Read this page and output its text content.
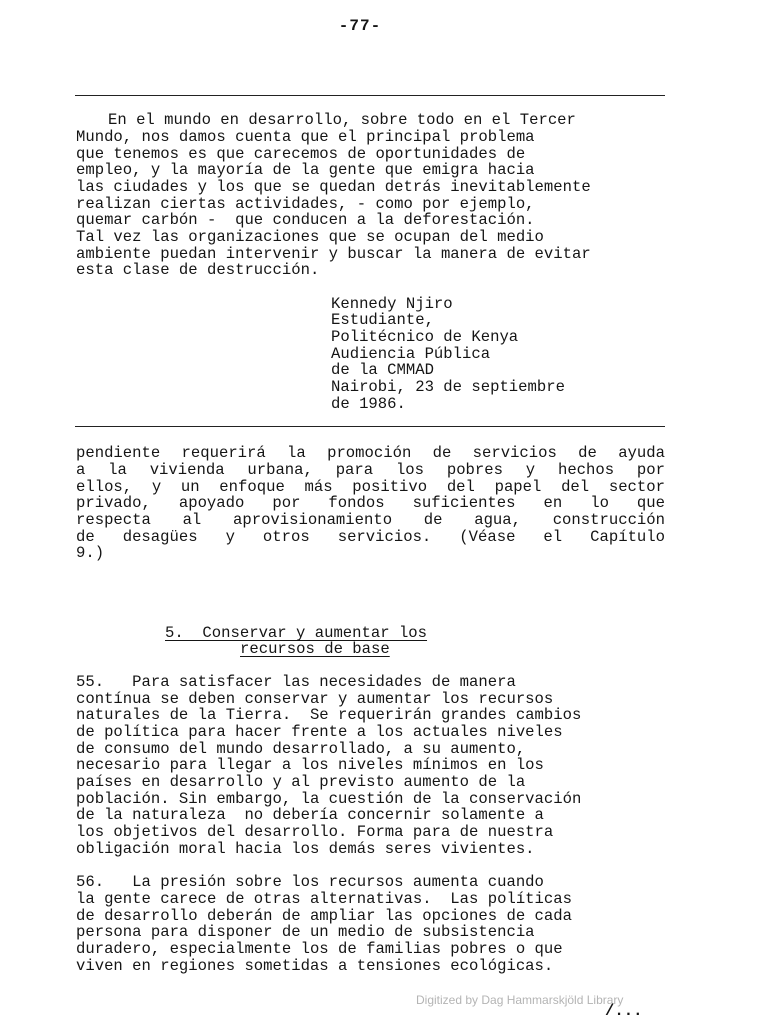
-77-
En el mundo en desarrollo, sobre todo en el Tercer
Mundo, nos damos cuenta que el principal problema
que tenemos es que carecemos de oportunidades de
empleo, y la mayoría de la gente que emigra hacia
las ciudades y los que se quedan detrás inevitablemente
realizan ciertas actividades, - como por ejemplo,
quemar carbón -  que conducen a la deforestación.
Tal vez las organizaciones que se ocupan del medio
ambiente puedan intervenir y buscar la manera de evitar
esta clase de destrucción.
Kennedy Njiro
Estudiante,
Politécnico de Kenya
Audiencia Pública
de la CMMAD
Nairobi, 23 de septiembre
de 1986.
pendiente requerirá la promoción de servicios de ayuda
a la vivienda urbana, para los pobres y hechos por
ellos, y un enfoque más positivo del papel del sector
privado, apoyado por fondos suficientes en lo que
respecta al aprovisionamiento de agua, construcción
de desagües y otros servicios. (Véase el Capítulo
9.)
5.  Conservar y aumentar los
recursos de base
55.   Para satisfacer las necesidades de manera
contínua se deben conservar y aumentar los recursos
naturales de la Tierra.  Se requerirán grandes cambios
de política para hacer frente a los actuales niveles
de consumo del mundo desarrollado, a su aumento,
necesario para llegar a los niveles mínimos en los
países en desarrollo y al previsto aumento de la
población. Sin embargo, la cuestión de la conservación
de la naturaleza  no debería concernir solamente a
los objetivos del desarrollo. Forma para de nuestra
obligación moral hacia los demás seres vivientes.
56.   La presión sobre los recursos aumenta cuando
la gente carece de otras alternativas.  Las políticas
de desarrollo deberán de ampliar las opciones de cada
persona para disponer de un medio de subsistencia
duradero, especialmente los de familias pobres o que
viven en regiones sometidas a tensiones ecológicas.
Digitized by Dag Hammarskjöld Library
/...
